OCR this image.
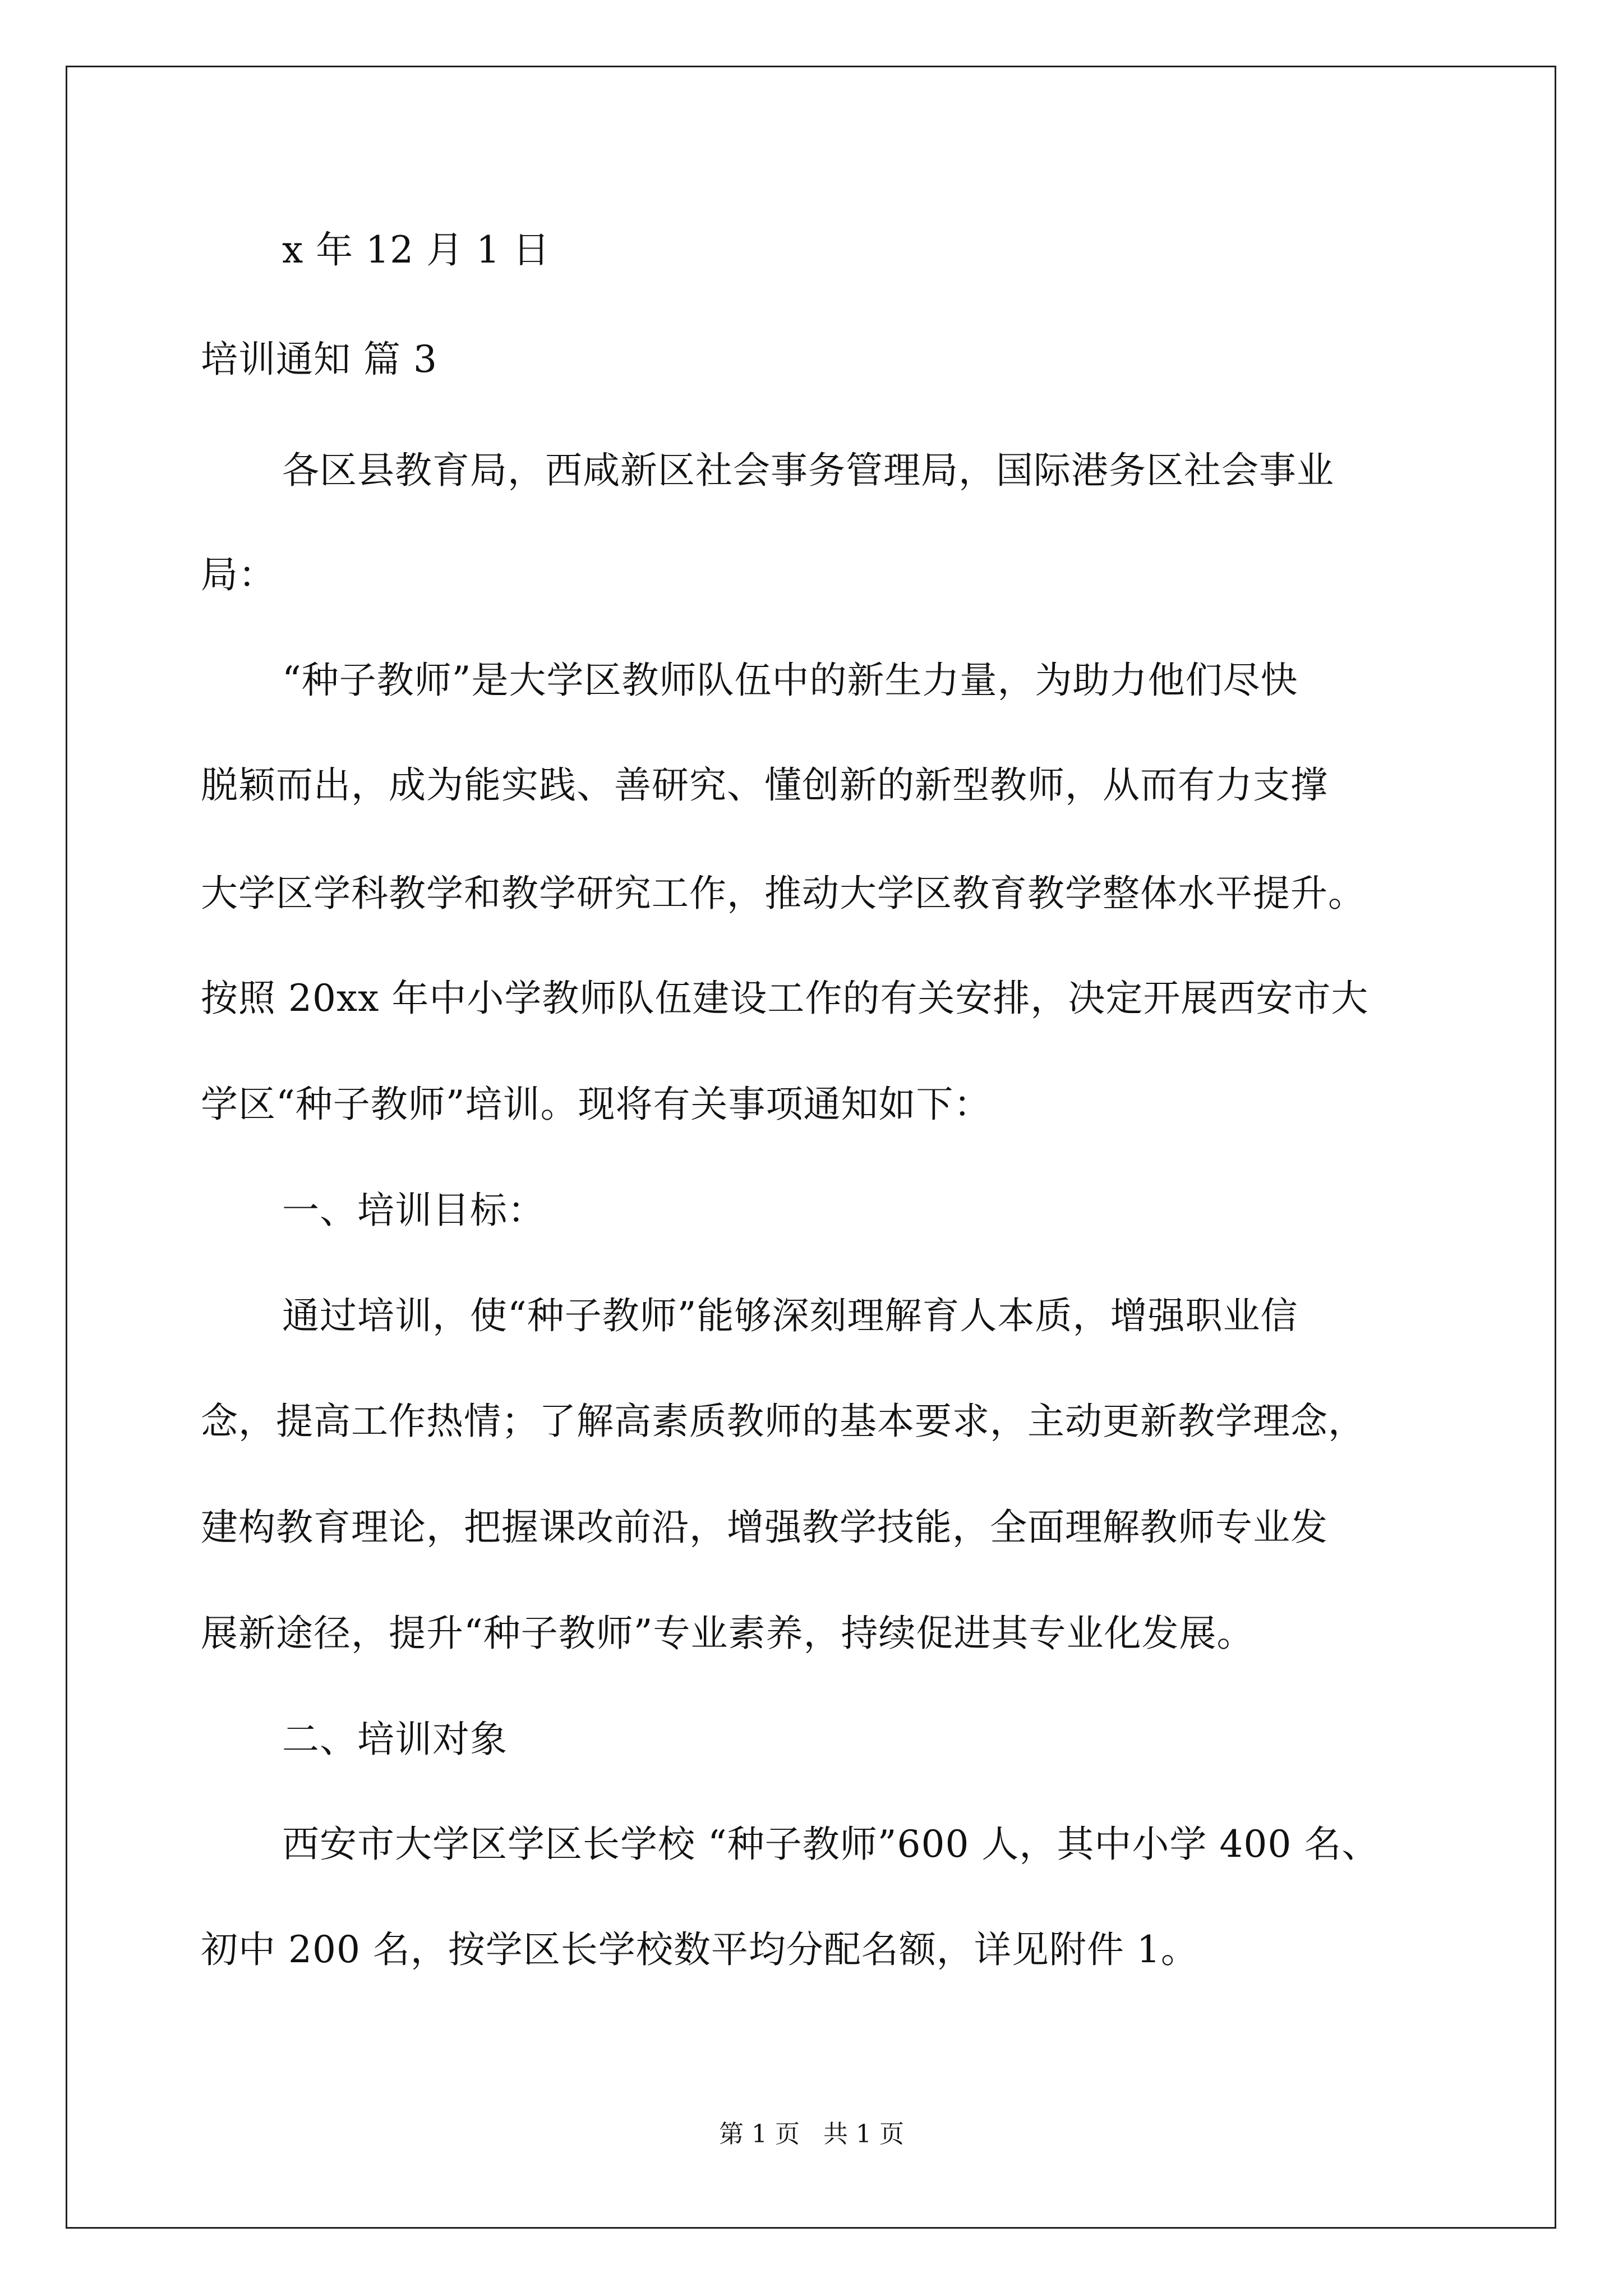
x 年 12 月 1 日
培训通知 篇 3
各区县教育局，西咸新区社会事务管理局，国际港务区社会事业
局：
“种子教师”是大学区教师队伍中的新生力量，为助力他们尽快
脱颖而出，成为能实践、善研究、懂创新的新型教师，从而有力支撑
大学区学科教学和教学研究工作，推动大学区教育教学整体水平提升。
按照 20xx 年中小学教师队伍建设工作的有关安排，决定开展西安市大
学区“种子教师”培训。现将有关事项通知如下：
一、培训目标：
通过培训，使“种子教师”能够深刻理解育人本质，增强职业信
念，提高工作热情；了解高素质教师的基本要求，主动更新教学理念，
建构教育理论，把握课改前沿，增强教学技能，全面理解教师专业发
展新途径，提升“种子教师”专业素养，持续促进其专业化发展。
二、培训对象
西安市大学区学区长学校 “种子教师”600 人，其中小学 400 名、
初中 200 名，按学区长学校数平均分配名额，详见附件 1。
第 1 页   共 1 页
